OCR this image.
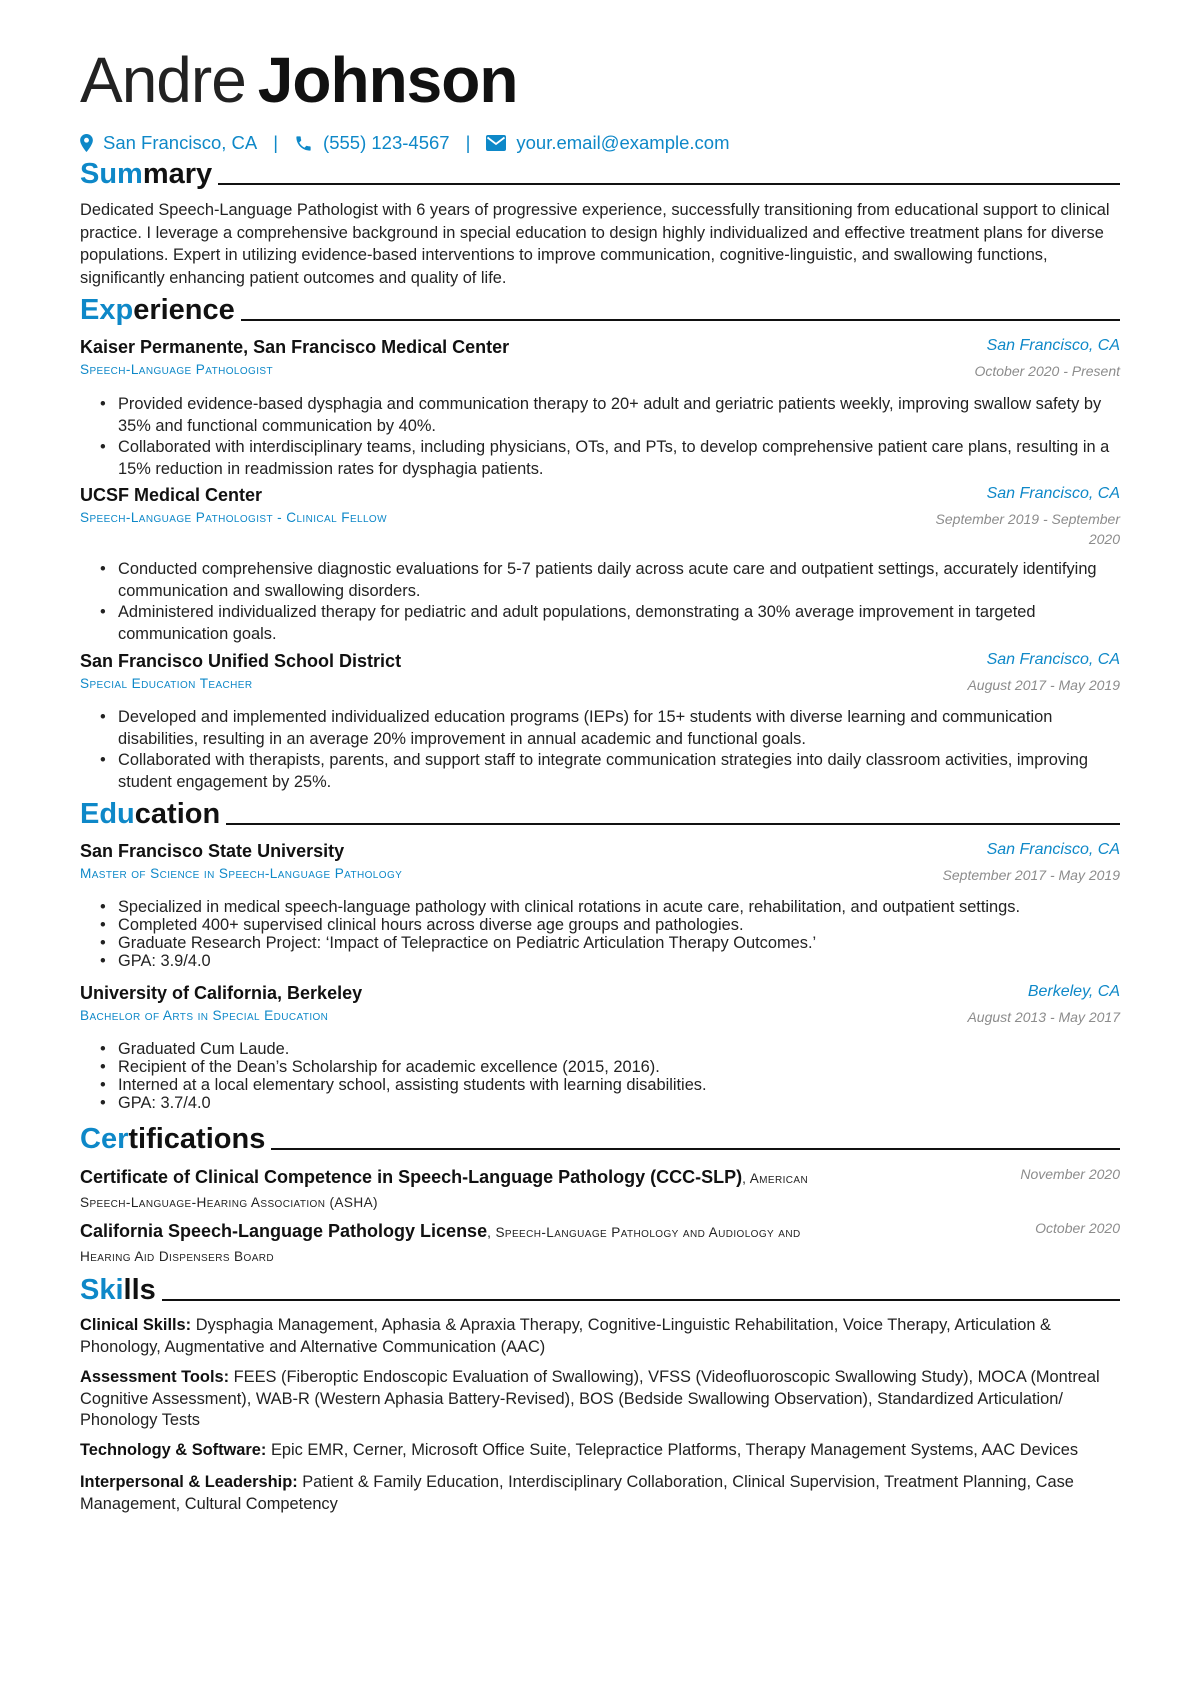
Andre Johnson
San Francisco, CA | (555) 123-4567 | your.email@example.com
Summary
Dedicated Speech-Language Pathologist with 6 years of progressive experience, successfully transitioning from educational support to clinical practice. I leverage a comprehensive background in special education to design highly individualized and effective treatment plans for diverse populations. Expert in utilizing evidence-based interventions to improve communication, cognitive-linguistic, and swallowing functions, significantly enhancing patient outcomes and quality of life.
Experience
Kaiser Permanente, San Francisco Medical Center	San Francisco, CA
Speech-Language Pathologist	October 2020 - Present
• Provided evidence-based dysphagia and communication therapy to 20+ adult and geriatric patients weekly, improving swallow safety by 35% and functional communication by 40%.
• Collaborated with interdisciplinary teams, including physicians, OTs, and PTs, to develop comprehensive patient care plans, resulting in a 15% reduction in readmission rates for dysphagia patients.
UCSF Medical Center	San Francisco, CA
Speech-Language Pathologist - Clinical Fellow	September 2019 - September
2020
• Conducted comprehensive diagnostic evaluations for 5-7 patients daily across acute care and outpatient settings, accurately identifying communication and swallowing disorders.
• Administered individualized therapy for pediatric and adult populations, demonstrating a 30% average improvement in targeted communication goals.
San Francisco Unified School District	San Francisco, CA
Special Education Teacher	August 2017 - May 2019
• Developed and implemented individualized education programs (IEPs) for 15+ students with diverse learning and communication disabilities, resulting in an average 20% improvement in annual academic and functional goals.
• Collaborated with therapists, parents, and support staff to integrate communication strategies into daily classroom activities, improving student engagement by 25%.
Education
San Francisco State University	San Francisco, CA
Master of Science in Speech-Language Pathology	September 2017 - May 2019
• Specialized in medical speech-language pathology with clinical rotations in acute care, rehabilitation, and outpatient settings.
• Completed 400+ supervised clinical hours across diverse age groups and pathologies.
• Graduate Research Project: ‘Impact of Telepractice on Pediatric Articulation Therapy Outcomes.’
• GPA: 3.9/4.0
University of California, Berkeley	Berkeley, CA
Bachelor of Arts in Special Education	August 2013 - May 2017
• Graduated Cum Laude.
• Recipient of the Dean’s Scholarship for academic excellence (2015, 2016).
• Interned at a local elementary school, assisting students with learning disabilities.
• GPA: 3.7/4.0
Certifications
Certificate of Clinical Competence in Speech-Language Pathology (CCC-SLP), American Speech-Language-Hearing Association (ASHA)
November 2020
California Speech-Language Pathology License, Speech-Language Pathology and Audiology and Hearing Aid Dispensers Board
October 2020
Skills
Clinical Skills: Dysphagia Management, Aphasia & Apraxia Therapy, Cognitive-Linguistic Rehabilitation, Voice Therapy, Articulation & Phonology, Augmentative and Alternative Communication (AAC)
Assessment Tools: FEES (Fiberoptic Endoscopic Evaluation of Swallowing), VFSS (Videofluoroscopic Swallowing Study), MOCA (Montreal Cognitive Assessment), WAB-R (Western Aphasia Battery-Revised), BOS (Bedside Swallowing Observation), Standardized Articulation/ Phonology Tests
Technology & Software: Epic EMR, Cerner, Microsoft Office Suite, Telepractice Platforms, Therapy Management Systems, AAC Devices
Interpersonal & Leadership: Patient & Family Education, Interdisciplinary Collaboration, Clinical Supervision, Treatment Planning, Case Management, Cultural Competency
